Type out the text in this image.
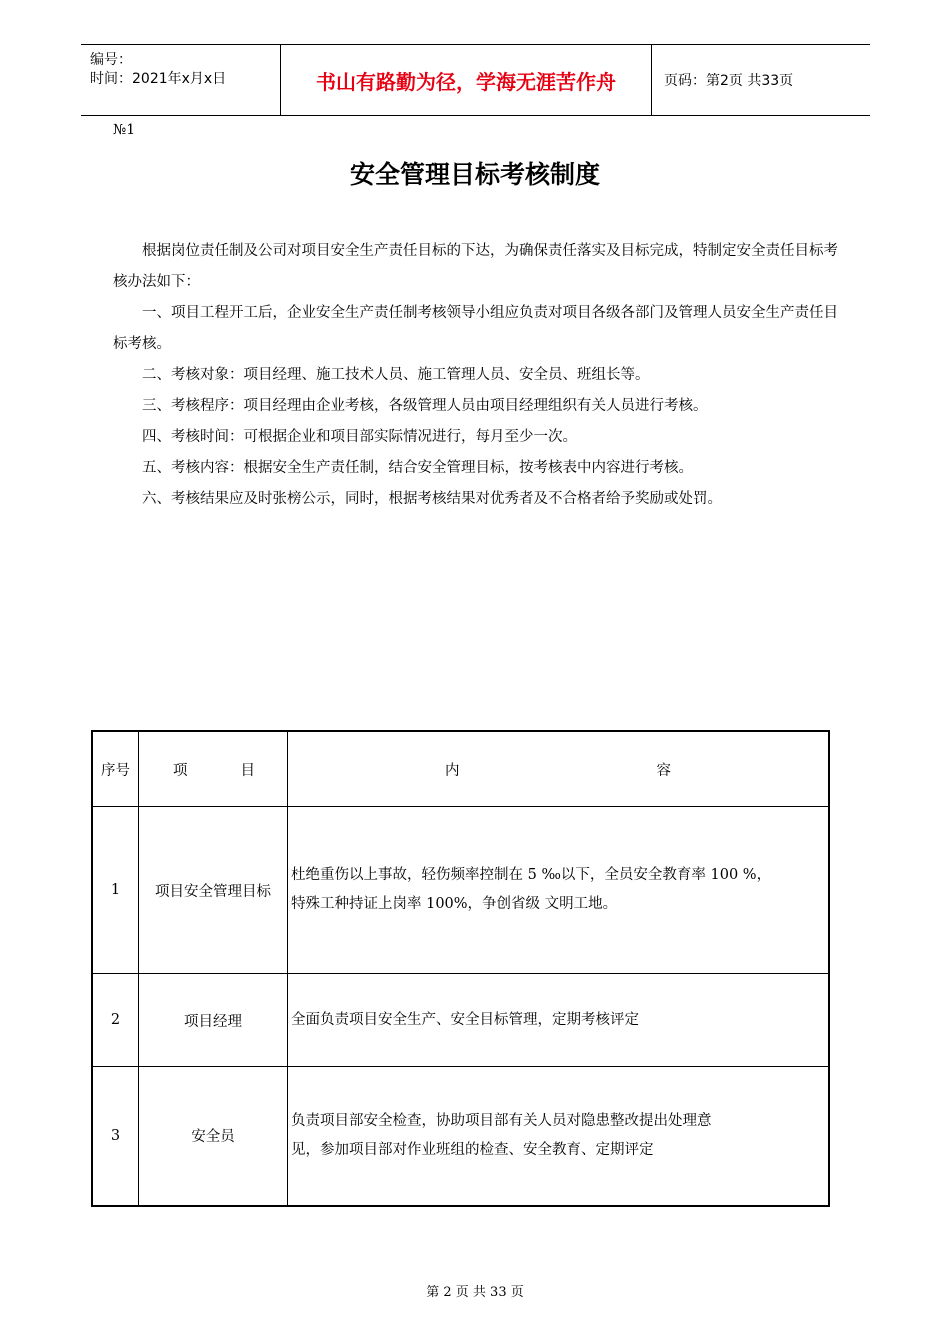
编号：
时间：2021年x月x日	书山有路勤为径，学海无涯苦作舟	页码：第2页 共33页
№1
安全管理目标考核制度

根据岗位责任制及公司对项目安全生产责任目标的下达，为确保责任落实及目标完成，特制定安全责任目标考核办法如下：

一、项目工程开工后，企业安全生产责任制考核领导小组应负责对项目各级各部门及管理人员安全生产责任目标考核。

二、考核对象：项目经理、施工技术人员、施工管理人员、安全员、班组长等。

三、考核程序：项目经理由企业考核，各级管理人员由项目经理组织有关人员进行考核。

四、考核时间：可根据企业和项目部实际情况进行，每月至少一次。

五、考核内容：根据安全生产责任制，结合安全管理目标，按考核表中内容进行考核。

六、考核结果应及时张榜公示，同时，根据考核结果对优秀者及不合格者给予奖励或处罚。

序号	项 目	内 容

1	项目安全管理目标	杜绝重伤以上事故，轻伤频率控制在 5 ‰以下，全员安全教育率 100 %，
特殊工种持证上岗率 100%，争创省级 文明工地。

2	项目经理	全面负责项目安全生产、安全目标管理，定期考核评定

3	安全员	负责项目部安全检查，协助项目部有关人员对隐患整改提出处理意
见，参加项目部对作业班组的检查、安全教育、定期评定
第 2 页 共 33 页
